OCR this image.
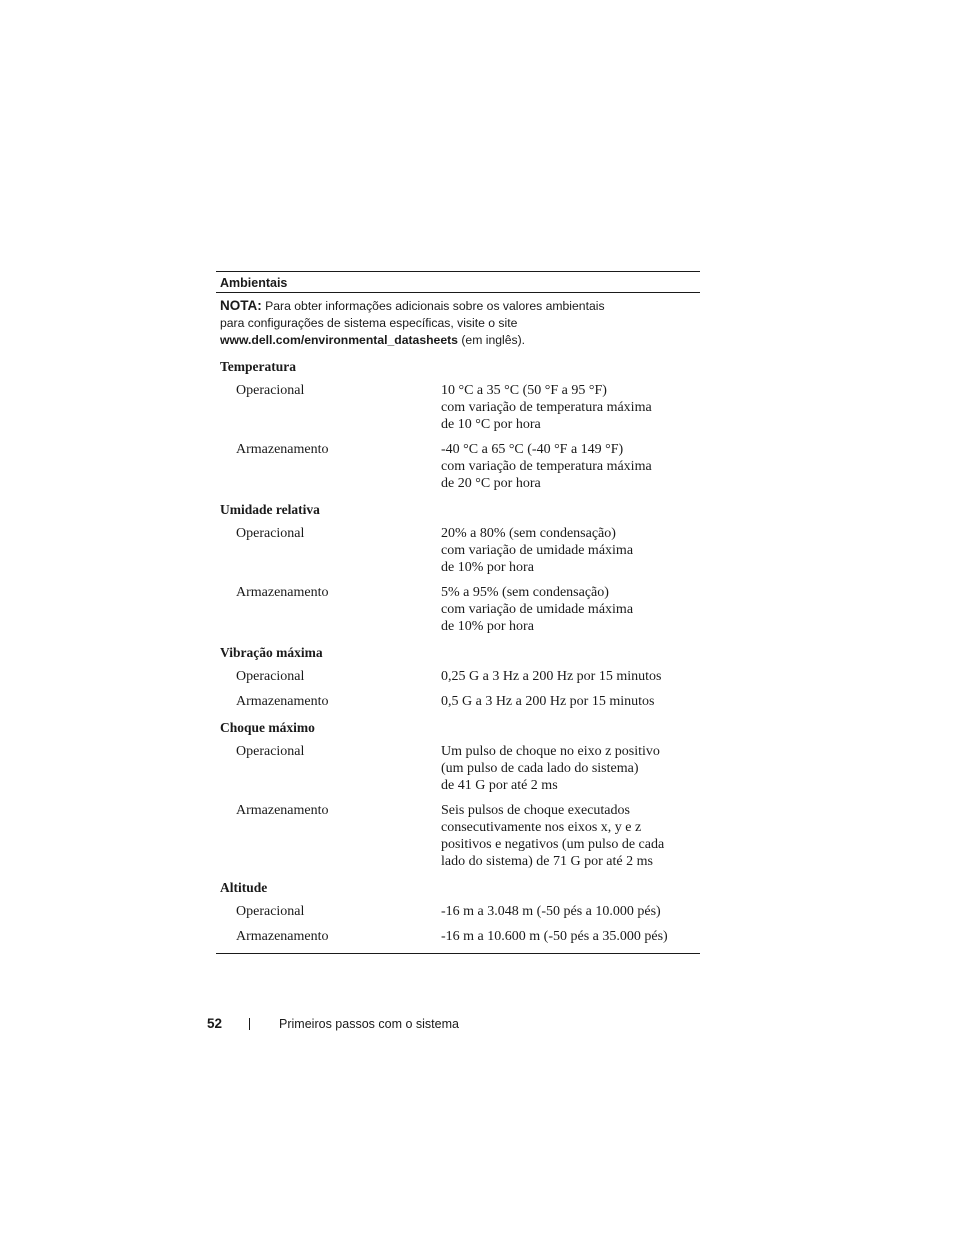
Ambientais
NOTA: Para obter informações adicionais sobre os valores ambientais
para configurações de sistema específicas, visite o site
www.dell.com/environmental_datasheets (em inglês).
Temperatura
Operacional	10 °C a 35 °C (50 °F a 95 °F)
com variação de temperatura máxima
de 10 °C por hora
Armazenamento	-40 °C a 65 °C (-40 °F a 149 °F)
com variação de temperatura máxima
de 20 °C por hora
Umidade relativa
Operacional	20% a 80% (sem condensação)
com variação de umidade máxima
de 10% por hora
Armazenamento	5% a 95% (sem condensação)
com variação de umidade máxima
de 10% por hora
Vibração máxima
Operacional	0,25 G a 3 Hz a 200 Hz por 15 minutos
Armazenamento	0,5 G a 3 Hz a 200 Hz por 15 minutos
Choque máximo
Operacional	Um pulso de choque no eixo z positivo
(um pulso de cada lado do sistema)
de 41 G por até 2 ms
Armazenamento	Seis pulsos de choque executados
consecutivamente nos eixos x, y e z
positivos e negativos (um pulso de cada
lado do sistema) de 71 G por até 2 ms
Altitude
Operacional	-16 m a 3.048 m (-50 pés a 10.000 pés)
Armazenamento	-16 m a 10.600 m (-50 pés a 35.000 pés)
52	Primeiros passos com o sistema
